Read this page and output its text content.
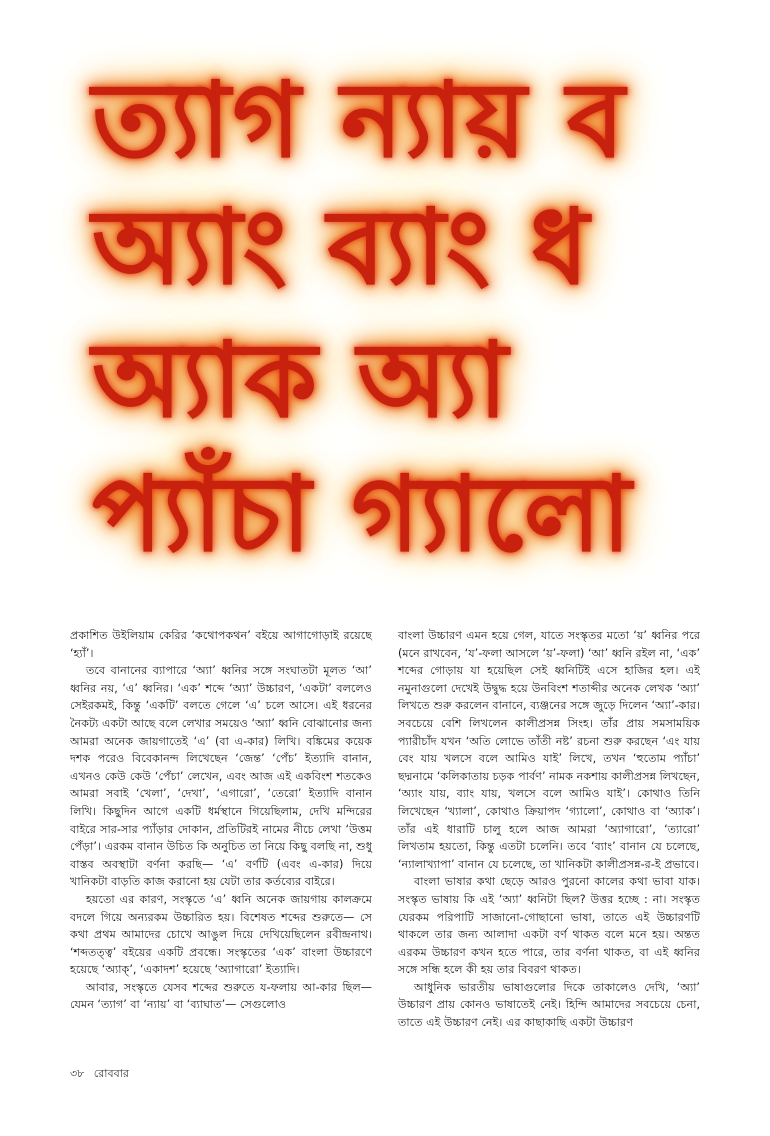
ত্যাগ ন্যায় ব
অ্যাং ব্যাং ধ
অ্যাক অ্যা
প্যাঁচা গ্যালো

প্রকাশিত উইলিয়াম কেরির ‘কথোপকথন’ বইয়ে আগাগোড়াই রয়েছে ‘হ্যাঁ’।

তবে বানানের ব্যাপারে ‘অ্যা’ ধ্বনির সঙ্গে সংঘাতটা মূলত ‘আ’ ধ্বনির নয়, ‘এ’ ধ্বনির। ‘এক’ শব্দে ‘অ্যা’ উচ্চারণ, ‘একটা’ বললেও সেইরকমই, কিন্তু ‘একটি’ বলতে গেলে ‘এ’ চলে আসে। এই ধরনের নৈকট্য একটা আছে বলে লেখার সময়েও ‘অ্যা’ ধ্বনি বোঝানোর জন্য আমরা অনেক জায়গাতেই ‘এ’ (বা এ-কার) লিখি। বঙ্কিমের কয়েক দশক পরেও বিবেকানন্দ লিখেছেন ‘জেন্ত’ ‘পেঁচ’ ইত্যাদি বানান, এখনও কেউ কেউ ‘পেঁচা’ লেখেন, এবং আজ এই একবিংশ শতকেও আমরা সবাই ‘খেলা’, ‘দেখা’, ‘এগারো’, ‘তেরো’ ইত্যাদি বানান লিখি। কিছুদিন আগে একটি ধর্মস্থানে গিয়েছিলাম, দেখি মন্দিরের বাইরে সার-সার প্যাঁড়ার দোকান, প্রতিটিরই নামের নীচে লেখা ‘উত্তম পেঁড়া’। এরকম বানান উচিত কি অনুচিত তা নিয়ে কিছু বলছি না, শুধু বাস্তব অবস্থাটা বর্ণনা করছি— ‘এ’ বর্ণটি (এবং এ-কার) দিয়ে খানিকটা বাড়তি কাজ করানো হয় যেটা তার কর্তব্যের বাইরে।

হয়তো এর কারণ, সংস্কৃতে ‘এ’ ধ্বনি অনেক জায়গায় কালক্রমে বদলে গিয়ে অন্যরকম উচ্চারিত হয়। বিশেষত শব্দের শুরুতে— সে কথা প্রথম আমাদের চোখে আঙুল দিয়ে দেখিয়েছিলেন রবীন্দ্রনাথ। ‘শব্দতত্ত্ব’ বইয়ের একটি প্রবন্ধে। সংস্কৃতের ‘এক’ বাংলা উচ্চারণে হয়েছে ‘অ্যাক্’, ‘একাদশ’ হয়েছে ‘অ্যাগারো’ ইত্যাদি।

আবার, সংস্কৃতে যেসব শব্দের শুরুতে য-ফলায় আ-কার ছিল— যেমন ‘ত্যাগ’ বা ‘ন্যায়’ বা ‘ব্যাঘাত’— সেগুলোও

বাংলা উচ্চারণ এমন হয়ে গেল, যাতে সংস্কৃতর মতো ‘য়’ ধ্বনির পরে (মনে রাখবেন, ‘য’-ফলা আসলে ‘য়’-ফলা) ‘আ’ ধ্বনি রইল না, ‘এক’ শব্দের গোড়ায় যা হয়েছিল সেই ধ্বনিটিই এসে হাজির হল। এই নমুনাগুলো দেখেই উদ্বুদ্ধ হয়ে উনবিংশ শতাব্দীর অনেক লেখক ‘অ্যা’ লিখতে শুরু করলেন বানানে, ব্যঞ্জনের সঙ্গে জুড়ে দিলেন ‘অ্যা’-কার। সবচেয়ে বেশি লিখলেন কালীপ্রসন্ন সিংহ। তাঁর প্রায় সমসাময়িক প্যারীচাঁদ যখন ‘অতি লোভে তাঁতী নষ্ট’ রচনা শুরু করছেন ‘এং যায় বেং যায় খলসে বলে আমিও যাই’ লিখে, তখন ‘হুতোম প্যাঁচা’ ছদ্মনামে ‘কলিকাতায় চড়ক পার্বণ’ নামক নকশায় কালীপ্রসন্ন লিখছেন, ‘অ্যাং যায়, ব্যাং যায়, খলসে বলে আমিও যাই’। কোথাও তিনি লিখেছেন ‘খ্যালা’, কোথাও ক্রিয়াপদ ‘গ্যালো’, কোথাও বা ‘অ্যাক’। তাঁর এই ধারাটি চালু হলে আজ আমরা ‘অ্যাগারো’, ‘ত্যারো’ লিখতাম হয়তো, কিন্তু এতটা চলেনি। তবে ‘ব্যাং’ বানান যে চলেছে, ‘ন্যালাখ্যাপা’ বানান যে চলেছে, তা খানিকটা কালীপ্রসন্ন-র-ই প্রভাবে।

বাংলা ভাষার কথা ছেড়ে আরও পুরনো কালের কথা ভাবা যাক। সংস্কৃত ভাষায় কি এই ‘অ্যা’ ধ্বনিটা ছিল? উত্তর হচ্ছে : না। সংস্কৃত যেরকম পরিপাটি সাজানো-গোছানো ভাষা, তাতে এই উচ্চারণটি থাকলে তার জন্য আলাদা একটা বর্ণ থাকত বলে মনে হয়। অন্তত এরকম উচ্চারণ কখন হতে পারে, তার বর্ণনা থাকত, বা এই ধ্বনির সঙ্গে সন্ধি হলে কী হয় তার বিবরণ থাকত।

আধুনিক ভারতীয় ভাষাগুলোর দিকে তাকালেও দেখি, ‘অ্যা’ উচ্চারণ প্রায় কোনও ভাষাতেই নেই। হিন্দি আমাদের সবচেয়ে চেনা, তাতে এই উচ্চারণ নেই। এর কাছাকাছি একটা উচ্চারণ

৩৮ রোববার
